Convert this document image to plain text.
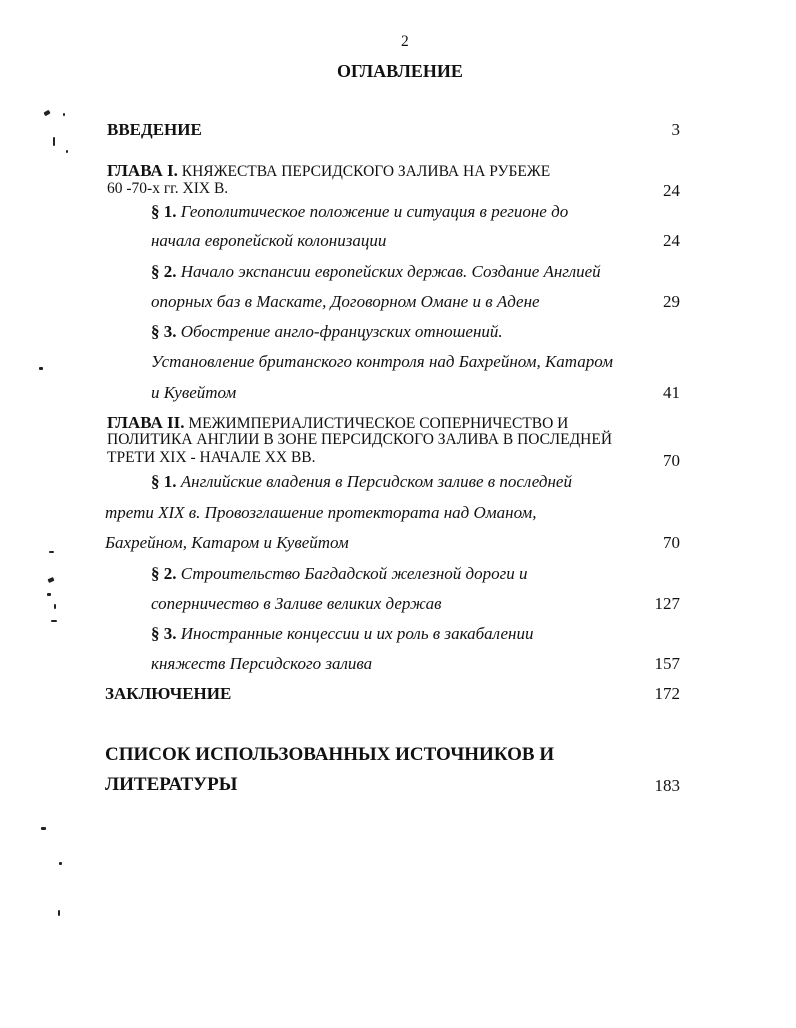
2
ОГЛАВЛЕНИЕ
ВВЕДЕНИЕ	3
ГЛАВА I. КНЯЖЕСТВА ПЕРСИДСКОГО ЗАЛИВА НА РУБЕЖЕ
60 -70-х гг. XIX В.	24
§ 1. Геополитическое положение и ситуация в регионе до
начала европейской колонизации	24
§ 2. Начало экспансии европейских держав. Создание Англией
опорных баз в Маскате, Договорном Омане и в Адене	29
§ 3. Обострение англо-французских отношений.
Установление британского контроля над Бахрейном, Катаром
и Кувейтом	41
ГЛАВА II. МЕЖИМПЕРИАЛИСТИЧЕСКОЕ СОПЕРНИЧЕСТВО И
ПОЛИТИКА АНГЛИИ В ЗОНЕ ПЕРСИДСКОГО ЗАЛИВА В ПОСЛЕДНЕЙ
ТРЕТИ XIX - НАЧАЛЕ XX ВВ.	70
§ 1. Английские владения в Персидском заливе в последней
трети XIX в. Провозглашение протектората над Оманом,
Бахрейном, Катаром и Кувейтом	70
§ 2. Строительство Багдадской железной дороги и
соперничество в Заливе великих держав	127
§ 3. Иностранные концессии и их роль в закабалении
княжеств Персидского залива	157
ЗАКЛЮЧЕНИЕ	172
СПИСОК ИСПОЛЬЗОВАННЫХ ИСТОЧНИКОВ И
ЛИТЕРАТУРЫ	183
